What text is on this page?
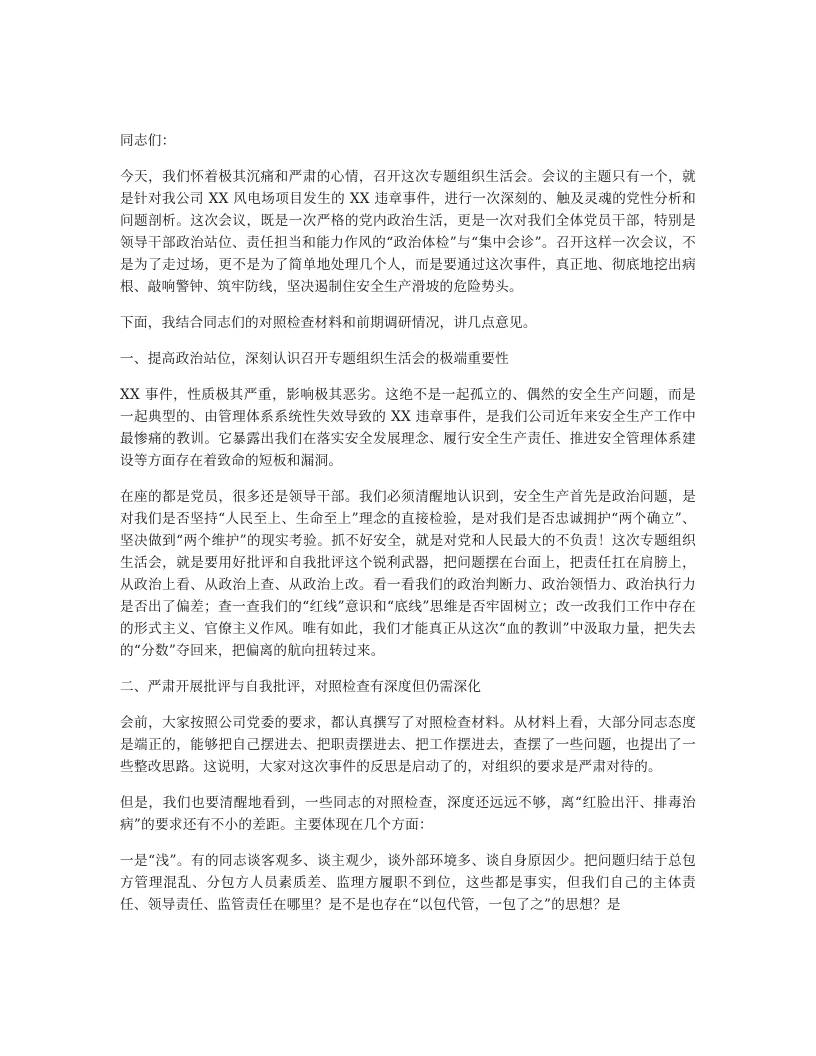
同志们：

今天，我们怀着极其沉痛和严肃的心情，召开这次专题组织生活会。会议的主题只有一个，就是针对我公司 XX 风电场项目发生的 XX 违章事件，进行一次深刻的、触及灵魂的党性分析和问题剖析。这次会议，既是一次严格的党内政治生活，更是一次对我们全体党员干部，特别是领导干部政治站位、责任担当和能力作风的“政治体检”与“集中会诊”。召开这样一次会议，不是为了走过场，更不是为了简单地处理几个人，而是要通过这次事件，真正地、彻底地挖出病根、敲响警钟、筑牢防线，坚决遏制住安全生产滑坡的危险势头。

下面，我结合同志们的对照检查材料和前期调研情况，讲几点意见。

一、提高政治站位，深刻认识召开专题组织生活会的极端重要性

XX 事件，性质极其严重，影响极其恶劣。这绝不是一起孤立的、偶然的安全生产问题，而是一起典型的、由管理体系系统性失效导致的 XX 违章事件，是我们公司近年来安全生产工作中最惨痛的教训。它暴露出我们在落实安全发展理念、履行安全生产责任、推进安全管理体系建设等方面存在着致命的短板和漏洞。

在座的都是党员，很多还是领导干部。我们必须清醒地认识到，安全生产首先是政治问题，是对我们是否坚持“人民至上、生命至上”理念的直接检验，是对我们是否忠诚拥护“两个确立”、坚决做到“两个维护”的现实考验。抓不好安全，就是对党和人民最大的不负责！这次专题组织生活会，就是要用好批评和自我批评这个锐利武器，把问题摆在台面上，把责任扛在肩膀上，从政治上看、从政治上查、从政治上改。看一看我们的政治判断力、政治领悟力、政治执行力是否出了偏差；查一查我们的“红线”意识和“底线”思维是否牢固树立；改一改我们工作中存在的形式主义、官僚主义作风。唯有如此，我们才能真正从这次“血的教训”中汲取力量，把失去的“分数”夺回来，把偏离的航向扭转过来。

二、严肃开展批评与自我批评，对照检查有深度但仍需深化

会前，大家按照公司党委的要求，都认真撰写了对照检查材料。从材料上看，大部分同志态度是端正的，能够把自己摆进去、把职责摆进去、把工作摆进去，查摆了一些问题，也提出了一些整改思路。这说明，大家对这次事件的反思是启动了的，对组织的要求是严肃对待的。

但是，我们也要清醒地看到，一些同志的对照检查，深度还远远不够，离“红脸出汗、排毒治病”的要求还有不小的差距。主要体现在几个方面：

一是“浅”。有的同志谈客观多、谈主观少，谈外部环境多、谈自身原因少。把问题归结于总包方管理混乱、分包方人员素质差、监理方履职不到位，这些都是事实，但我们自己的主体责任、领导责任、监管责任在哪里？是不是也存在“以包代管，一包了之”的思想？是
